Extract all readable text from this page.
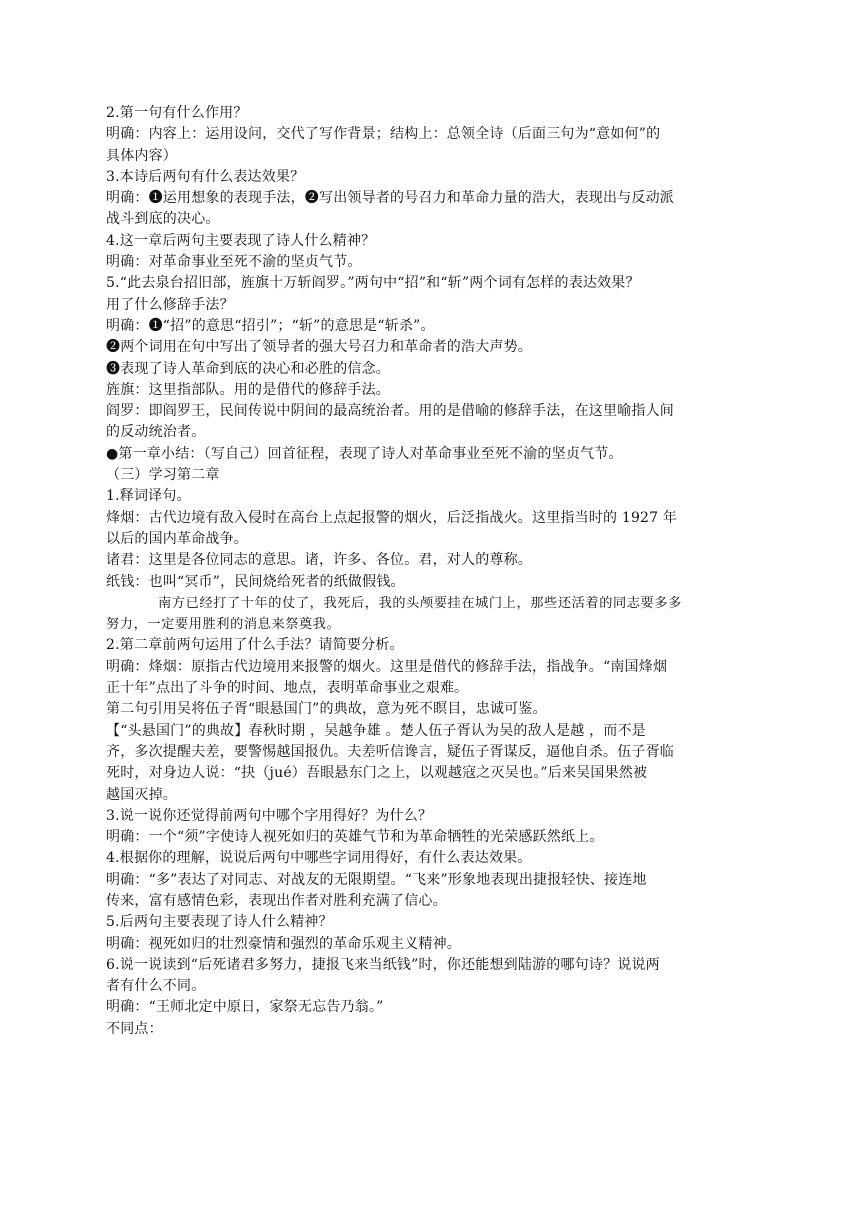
2.第一句有什么作用？
明确：内容上：运用设问，交代了写作背景；结构上：总领全诗（后面三句为“意如何”的
具体内容）
3.本诗后两句有什么表达效果？
明确：❶运用想象的表现手法，❷写出领导者的号召力和革命力量的浩大，表现出与反动派
战斗到底的决心。
4.这一章后两句主要表现了诗人什么精神？
明确：对革命事业至死不渝的坚贞气节。
5.“此去泉台招旧部，旌旗十万斩阎罗。”两句中“招”和“斩”两个词有怎样的表达效果？
用了什么修辞手法？
明确：❶“招”的意思“招引”；“斩”的意思是“斩杀”。
❷两个词用在句中写出了领导者的强大号召力和革命者的浩大声势。
❸表现了诗人革命到底的决心和必胜的信念。
旌旗：这里指部队。用的是借代的修辞手法。
阎罗：即阎罗王，民间传说中阴间的最高统治者。用的是借喻的修辞手法，在这里喻指人间
的反动统治者。
●第一章小结：（写自己）回首征程，表现了诗人对革命事业至死不渝的坚贞气节。
（三）学习第二章
1.释词译句。
烽烟：古代边境有敌入侵时在高台上点起报警的烟火，后泛指战火。这里指当时的 1927 年
以后的国内革命战争。
诸君：这里是各位同志的意思。诸，许多、各位。君，对人的尊称。
纸钱：也叫“冥币”，民间烧给死者的纸做假钱。
南方已经打了十年的仗了，我死后，我的头颅要挂在城门上，那些还活着的同志要多多
努力，一定要用胜利的消息来祭奠我。
2.第二章前两句运用了什么手法？请简要分析。
明确：烽烟：原指古代边境用来报警的烟火。这里是借代的修辞手法，指战争。“南国烽烟
正十年”点出了斗争的时间、地点，表明革命事业之艰难。
第二句引用吴将伍子胥“眼悬国门”的典故，意为死不瞑目，忠诚可鉴。
【“头悬国门”的典故】春秋时期 ，吴越争雄 。楚人伍子胥认为吴的敌人是越 ，而不是
齐，多次提醒夫差，要警惕越国报仇。夫差听信谗言，疑伍子胥谋反，逼他自杀。伍子胥临
死时，对身边人说：“抉（jué）吾眼悬东门之上，以观越寇之灭吴也。”后来吴国果然被
越国灭掉。
3.说一说你还觉得前两句中哪个字用得好？为什么？
明确：一个“须”字使诗人视死如归的英雄气节和为革命牺牲的光荣感跃然纸上。
4.根据你的理解，说说后两句中哪些字词用得好，有什么表达效果。
明确：“多”表达了对同志、对战友的无限期望。“飞来”形象地表现出捷报轻快、接连地
传来，富有感情色彩，表现出作者对胜利充满了信心。
5.后两句主要表现了诗人什么精神？
明确：视死如归的壮烈豪情和强烈的革命乐观主义精神。
6.说一说读到“后死诸君多努力，捷报飞来当纸钱”时，你还能想到陆游的哪句诗？说说两
者有什么不同。
明确：“王师北定中原日，家祭无忘告乃翁。”
不同点：
